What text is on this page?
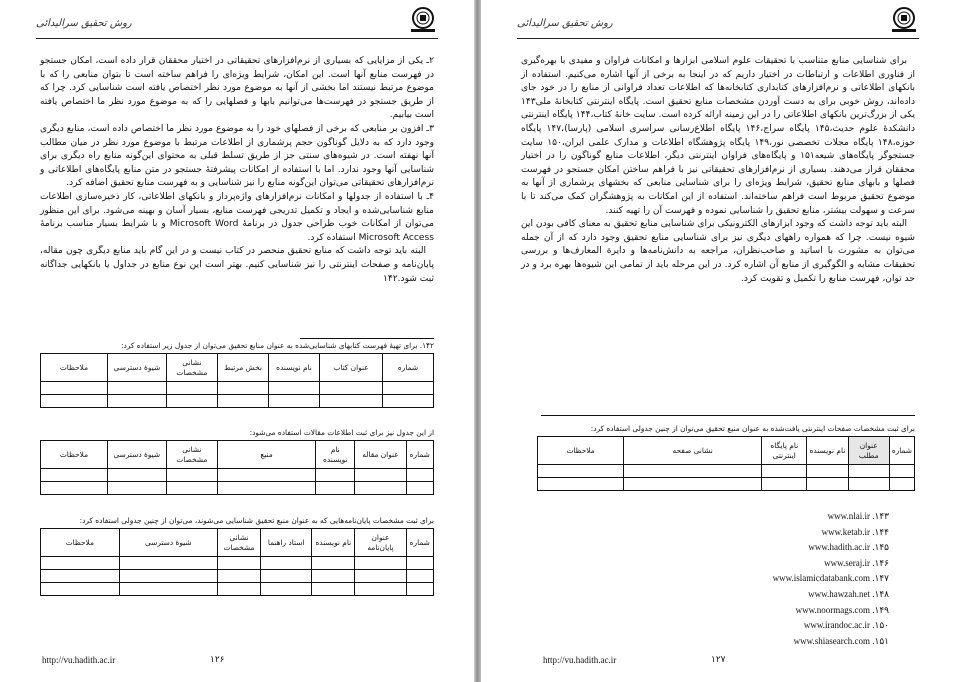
روش تحقیق سرالیدائی

۲ـ یکی از مزایایی که بسیاری از نرم‌افزارهای تحقیقاتی در اختیار محققان قرار داده است، امکان جستجو در فهرست منابع آنها است. این امکان، شرایط ویژه‌ای را فراهم ساخته است تا بتوان منابعی را که با موضوع مرتبط نیستند اما بخشی از آنها به موضوع مورد نظر اختصاص یافته است شناسایی کرد. چرا که از طریق جستجو در فهرست‌ها می‌توانیم بابها و فصلهایی را که به موضوع مورد نظر ما اختصاص یافته است بیابیم.

۳ـ افزون بر منابعی که برخی از فصلهای خود را به موضوع مورد نظر ما اختصاص داده است، منابع دیگری وجود دارد که به دلایل گوناگون حجم پرشماری از اطلاعات مرتبط با موضوع مورد نظر در میان مطالب آنها نهفته است. در شیوه‌های سنتی جز از طریق تسلط قبلی به محتوای این‌گونه منابع راه دیگری برای شناسایی آنها وجود ندارد. اما با استفاده از امکانات پیشرفتهٔ جستجو در متن منابع پایگاه‌های اطلاعاتی و نرم‌افزارهای تحقیقاتی می‌توان این‌گونه منابع را نیز شناسایی و به فهرست منابع تحقیق اضافه کرد.

۴ـ با استفاده از جدولها و امکانات نرم‌افزارهای واژه‌پرداز و بانکهای اطلاعاتی، کار ذخیره‌سازی اطلاعات منابع شناسایی‌شده و ایجاد و تکمیل تدریجی فهرست منابع، بسیار آسان و بهینه می‌شود. برای این منظور می‌توان از امکانات خوب طراحی جدول در برنامهٔ Microsoft Word و با شرایط بسیار مناسب برنامهٔ Microsoft Access استفاده کرد.

البته باید توجه داشت که منابع تحقیق منحصر در کتاب نیست و در این گام باید منابع دیگری چون مقاله، پایان‌نامه و صفحات اینترنتی را نیز شناسایی کنیم. بهتر است این نوع منابع در جداول یا بانکهایی جداگانه ثبت شود.۱۴۲

۱۴۲. برای تهیهٔ فهرست کتابهای شناسایی‌شده به عنوان منابع تحقیق می‌توان از جدول زیر استفاده کرد:
شماره	عنوان کتاب	نام نویسنده	بخش مرتبط	نشانی مشخصات	شیوهٔ دسترسی	ملاحظات

از این جدول نیز برای ثبت اطلاعات مقالات استفاده می‌شود:
شماره	عنوان مقاله	نام نویسنده	منبع	نشانی مشخصات	شیوهٔ دسترسی	ملاحظات

برای ثبت مشخصات پایان‌نامه‌هایی که به عنوان منبع تحقیق شناسایی می‌شوند، می‌توان از چنین جدولی استفاده کرد:
شماره	عنوان پایان‌نامه	نام نویسنده	استاد راهنما	نشانی مشخصات	شیوهٔ دسترسی	ملاحظات

http://vu.hadith.ac.ir	۱۲۶
روش تحقیق سرالیدائی

برای شناسایی منابع متناسب با تحقیقات علوم اسلامی ابزارها و امکانات فراوان و مفیدی با بهره‌گیری از فناوری اطلاعات و ارتباطات در اختیار داریم که در اینجا به برخی از آنها اشاره می‌کنیم. استفاده از بانکهای اطلاعاتی و نرم‌افزارهای کتابداری کتابخانه‌ها که اطلاعات تعداد فراوانی از منابع را در خود جای داده‌اند، روش خوبی برای به دست آوردن مشخصات منابع تحقیق است. پایگاه اینترنتی کتابخانهٔ ملی۱۴۳ یکی از بزرگ‌ترین بانکهای اطلاعاتی را در این زمینه ارائه کرده است. سایت خانهٔ کتاب،۱۴۴ پایگاه اینترنتی دانشکدهٔ علوم حدیث،۱۴۵ پایگاه سراج،۱۴۶ پایگاه اطلاع‌رسانی سراسری اسلامی (پارسا)،۱۴۷ پایگاه حوزه،۱۴۸ پایگاه مجلات تخصصی نور،۱۴۹ پایگاه پژوهشگاه اطلاعات و مدارک علمی ایران،۱۵۰ سایت جستجوگر پایگاه‌های شیعه۱۵۱ و پایگاه‌های فراوان اینترنتی دیگر، اطلاعات منابع گوناگون را در اختیار محققان قرار می‌دهند. بسیاری از نرم‌افزارهای تحقیقاتی نیز با فراهم ساختن امکان جستجو در فهرست فصلها و بابهای منابع تحقیق، شرایط ویژه‌ای را برای شناسایی منابعی که بخشهای پرشماری از آنها به موضوع تحقیق مربوط است فراهم ساخته‌اند. استفاده از این امکانات به پژوهشگران کمک می‌کند تا با سرعت و سهولت بیشتر، منابع تحقیق را شناسایی نموده و فهرست آن را تهیه کنند.

البته باید توجه داشت که وجود ابزارهای الکترونیکی برای شناسایی منابع تحقیق به معنای کافی بودن این شیوه نیست. چرا که همواره راههای دیگری نیز برای شناسایی منابع تحقیق وجود دارد که از آن جمله می‌توان به مشورت با اساتید و صاحب‌نظران، مراجعه به دانش‌نامه‌ها و دایرة المعارف‌ها و بررسی تحقیقات مشابه و الگوگیری از منابع آن اشاره کرد. در این مرحله باید از تمامی این شیوه‌ها بهره برد و در حد توان، فهرست منابع را تکمیل و تقویت کرد.

برای ثبت مشخصات صفحات اینترنتی یافت‌شده به عنوان منبع تحقیق می‌توان از چنین جدولی استفاده کرد:
شماره	عنوان مطلب	نام نویسنده	نام پایگاه اینترنتی	نشانی صفحه	ملاحظات

www.nlai.ir .۱۴۳
www.ketab.ir .۱۴۴
www.hadith.ac.ir .۱۴۵
www.seraj.ir .۱۴۶
www.islamicdatabank.com .۱۴۷
www.hawzah.net .۱۴۸
www.noormags.com .۱۴۹
www.irandoc.ac.ir .۱۵۰
www.shiasearch.com .۱۵۱
http://vu.hadith.ac.ir	۱۲۷
